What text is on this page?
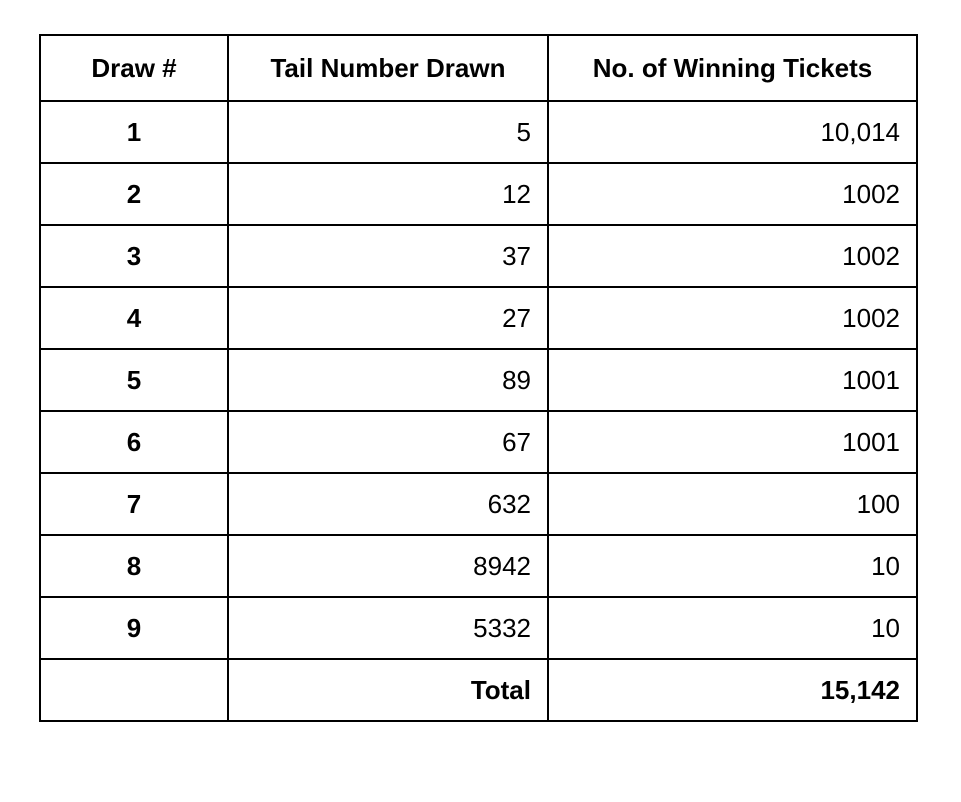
Draw #	Tail Number Drawn	No. of Winning Tickets
1	5	10,014
2	12	1002
3	37	1002
4	27	1002
5	89	1001
6	67	1001
7	632	100
8	8942	10
9	5332	10
	Total	15,142
